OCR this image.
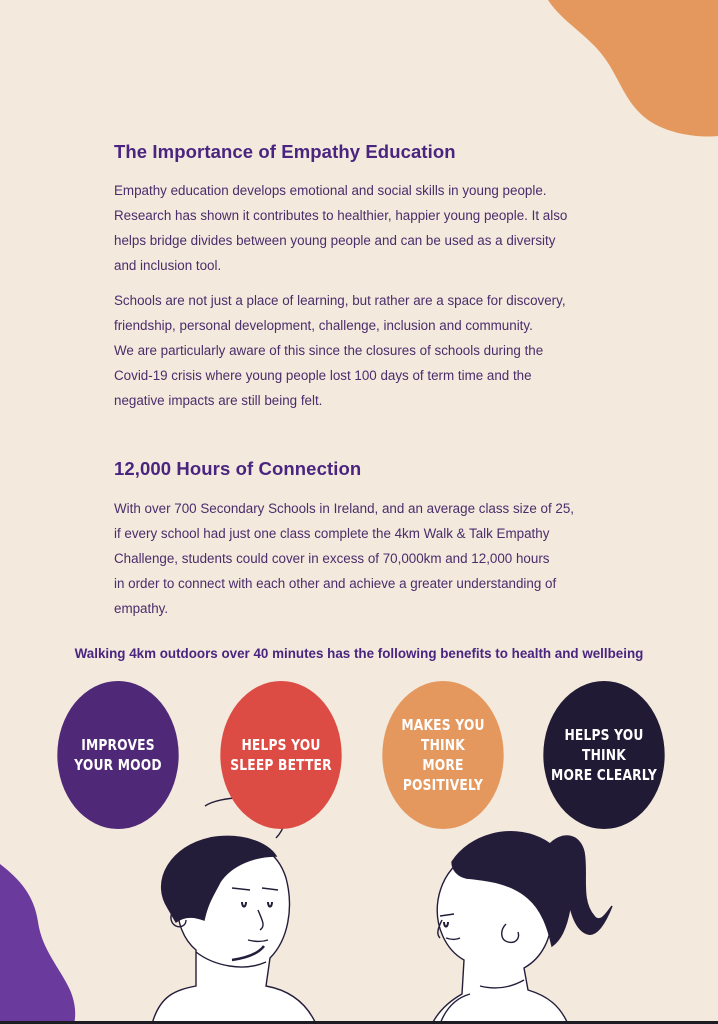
The Importance of Empathy Education

Empathy education develops emotional and social skills in young people.
Research has shown it contributes to healthier, happier young people. It also
helps bridge divides between young people and can be used as a diversity
and inclusion tool.

Schools are not just a place of learning, but rather are a space for discovery,
friendship, personal development, challenge, inclusion and community.
We are particularly aware of this since the closures of schools during the
Covid-19 crisis where young people lost 100 days of term time and the
negative impacts are still being felt.

12,000 Hours of Connection

With over 700 Secondary Schools in Ireland, and an average class size of 25,
if every school had just one class complete the 4km Walk & Talk Empathy
Challenge, students could cover in excess of 70,000km and 12,000 hours
in order to connect with each other and achieve a greater understanding of
empathy.

Walking 4km outdoors over 40 minutes has the following benefits to health and wellbeing
IMPROVES
YOUR MOOD
HELPS YOU
SLEEP BETTER
MAKES YOU THINK
MORE POSITIVELY
HELPS YOU THINK
MORE CLEARLY
